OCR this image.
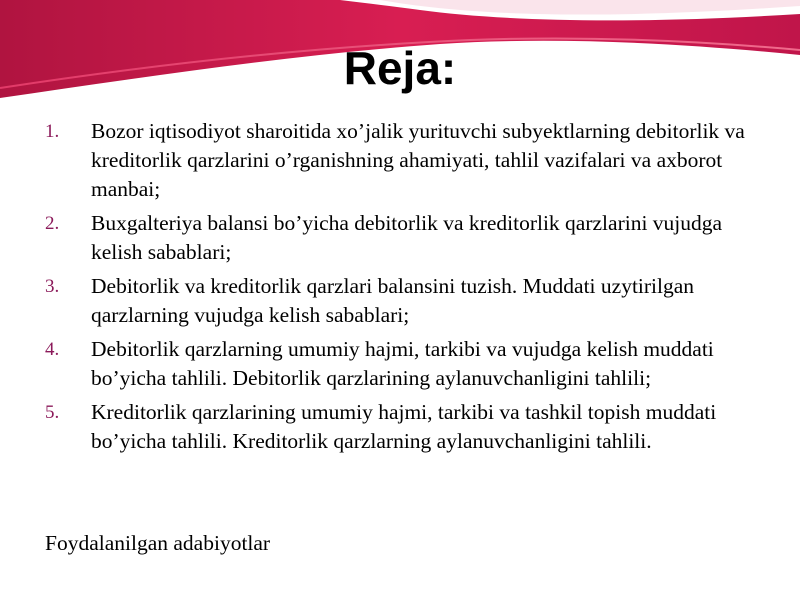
Reja:
1. Bozor iqtisodiyot sharoitida xo’jalik yurituvchi subyektlarning debitorlik va kreditorlik qarzlarini o’rganishning ahamiyati, tahlil vazifalari va axborot manbai;
2. Buxgalteriya balansi bo’yicha debitorlik va kreditorlik qarzlarini vujudga kelish sabablari;
3. Debitorlik va kreditorlik qarzlari balansini tuzish. Muddati uzytirilgan qarzlarning vujudga kelish sabablari;
4. Debitorlik qarzlarning umumiy hajmi, tarkibi va vujudga kelish muddati bo’yicha tahlili. Debitorlik qarzlarining aylanuvchanligini tahlili;
5. Kreditorlik qarzlarining umumiy hajmi, tarkibi va tashkil topish muddati bo’yicha tahlili. Kreditorlik qarzlarning aylanuvchanligini tahlili.
Foydalanilgan adabiyotlar
